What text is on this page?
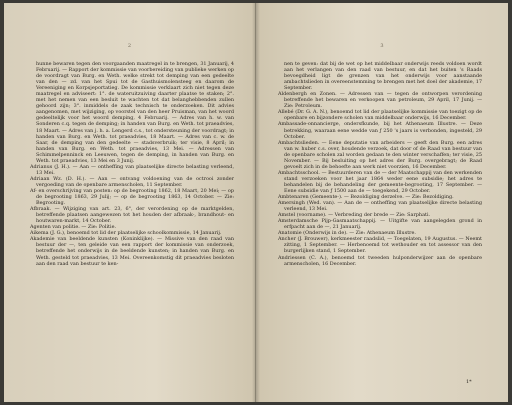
2

hunne bewaren tegen den voorgaanden maatregel in te brengen, 31 Januarij, 4 Februarij. — Rapport der kommissie van voorbereiding van publieke werken op de voordragt van Burg. en Weth. welke strekt tot demping van een gedeelte van den — zd. van het Spui tot de Gasthuismolensteeg en daarom de Vereeniging en Korpsjeportatieg. De kommissie verklaart zich niet tegen deze maatregel en adviseert: 1°. de wateruitzuiving daarter plaatse te staken; 2°. met het nemen van een besluit te wachten tot dat belanghebbenden zullen gehoord zijn; 3°. inmiddels de zaak technisch te onderzoeken. Dit advies aangenomen, met wijziging, op voorstel van den heer Pruisman, van het woord gedeeltelijk voor het woord demping, 4 Februarij. — Adres van h. w. van Sonderen c.q. tegen de demping; in handen van Burg. en Weth. tot praeadvies, 18 Maart. — Adres van j. h. a. Lengerd c.s., tot ondersteuning der voordragt; in handen van Burg. en Weth. tot praeadvies, 18 Maart. — Adres van c. w. de Saar, de demping van den gedeelte — stadsverbruik; ter visie, 8 April; in handen van Burg. en Weth. tot praeadvies, 13 Mei. — Adressen van Schimmelpenninck en Leeuwen, tegen de demping, in handen van Burg. en Weth. tot praeadvies, 13 Mei en 3 Junij.

Adrianus (J. H.). — Aan — ontheffing van plaatselijke directe belasting verleend, 13 Mei.

Adriaan Wz. (D. H.). — Aan — ontvang voldoening van de octrooi zonder vergoeding van de openbare armenscholen, 11 September.

Af- en overschrijving van posten: op de begrooting 1862, 18 Maart, 20 Mei; — op de begrooting 1863, 29 Julij; — op de begrooting 1863, 14 October. — Zie: Begrooting.

Afbraak. — Wijziging van art. 23, 6°, der verordening op de marktgelden, betreffende plaatsen aangewezen tot het houden der afbraak-, brandhout- en houtwaren-markt, 14 October.

Agenten van politie. — Zie: Politie.

Aikema (J. G.), benoemd tot lid der plaatselijke schoolkommissie, 14 Januarij.

Akademie van beeldende kunsten (Koninklijke). — Missive van den raad van bestuur der —, ten geleide van een rapport der kommissie van onderzoek, betreffende het onderwijs in de beeldende kunsten; in handen van Burg. en Weth. gesteld tot praeadvies, 13 Mei. Overeenkomstig dit praeadvies besloten aan den raad van bestuur te ken-

3

nen te geven: dat bij de wet op het middelbaar onderwijs reeds voldoen wordt aan het verlangen van den raad van bestuur, en dat het buiten 's Raads bevoegdheid ligt de grenzen van het onderwijs voor aanstaande ambachtslieden in overeenstemming te brengen met het doel der akademie, 17 September.

Aldenbergh en Zonen. — Adressen van — tegen de ontworpen verordening betreffende het bewaren en verkoopen van petroleum, 29 April, 17 Junij. — Zie: Petroleum.

Allebé (Dr. G. A. N.), benoemd tot lid der plaatselijke kommissie van toezigt op de openbare en bijzondere scholen van middelbaar onderwijs, 16 December.

Ambassade-onnancierge, ondersfkunde, bij het Athenaeum Illustre. — Deze betrekking, waaraan eene wedde van ƒ 250 's jaars is verbonden, ingesteld, 29 October.

Ambachtslieden. — Eene deputatie van arbeiders — geeft den Burg. een adres van w. huber c.s. over, houdende verzoek, dat door of de Raad van bestuur van de openbare scholen zal worden gedaan te den winter verschaffen; ter visie, 25 November. — Bij besluiting op het adres der Burg. overgebragt; de Raad gevoelt zich in de behoefte aan werk niet voorzien, 16 December.

Ambachtsschool. — Bestuurderen van de — der Maatschappij van den werkenden stand verzoeken voor het jaar 1864 weder eene subsidie; het adres te behandelen bij de behandeling der gemeente-begrooting, 17 September. — Eene subsidie van ƒ 1500 aan de — toegekend, 29 October.

Ambtenaren (Gemeente-). — Bezoldiging derzelve. — Zie: Bezoldiging.

Amersingh (Wed. van). — Aan de — ontheffing van plaatselijke directe belasting verleend, 13 Mei.

Amstel (voorname). — Verbreding der brede — Zie: Sarphati.

Amsterdamsche Pijp-Gasmaatschappij. — Uitgifte van aangelegden grond in erfpacht aan de —, 21 Januarij.

Anatomie (Onderwijs in de). — Zie: Athenaeum Illustre.

Ancher (J. Brouwer), kerkmeester raadslid, — Toegelaten, 19 Augustus. — Neemt zitting, 1 September. — Herbenoemd tot wethouder en tot assessor van den burgerlijken stand, 1 September.

Andriessen (C. A.), benoemd tot tweeden hulponderwijzer aan de openbare armenscholen, 16 December.

1*
